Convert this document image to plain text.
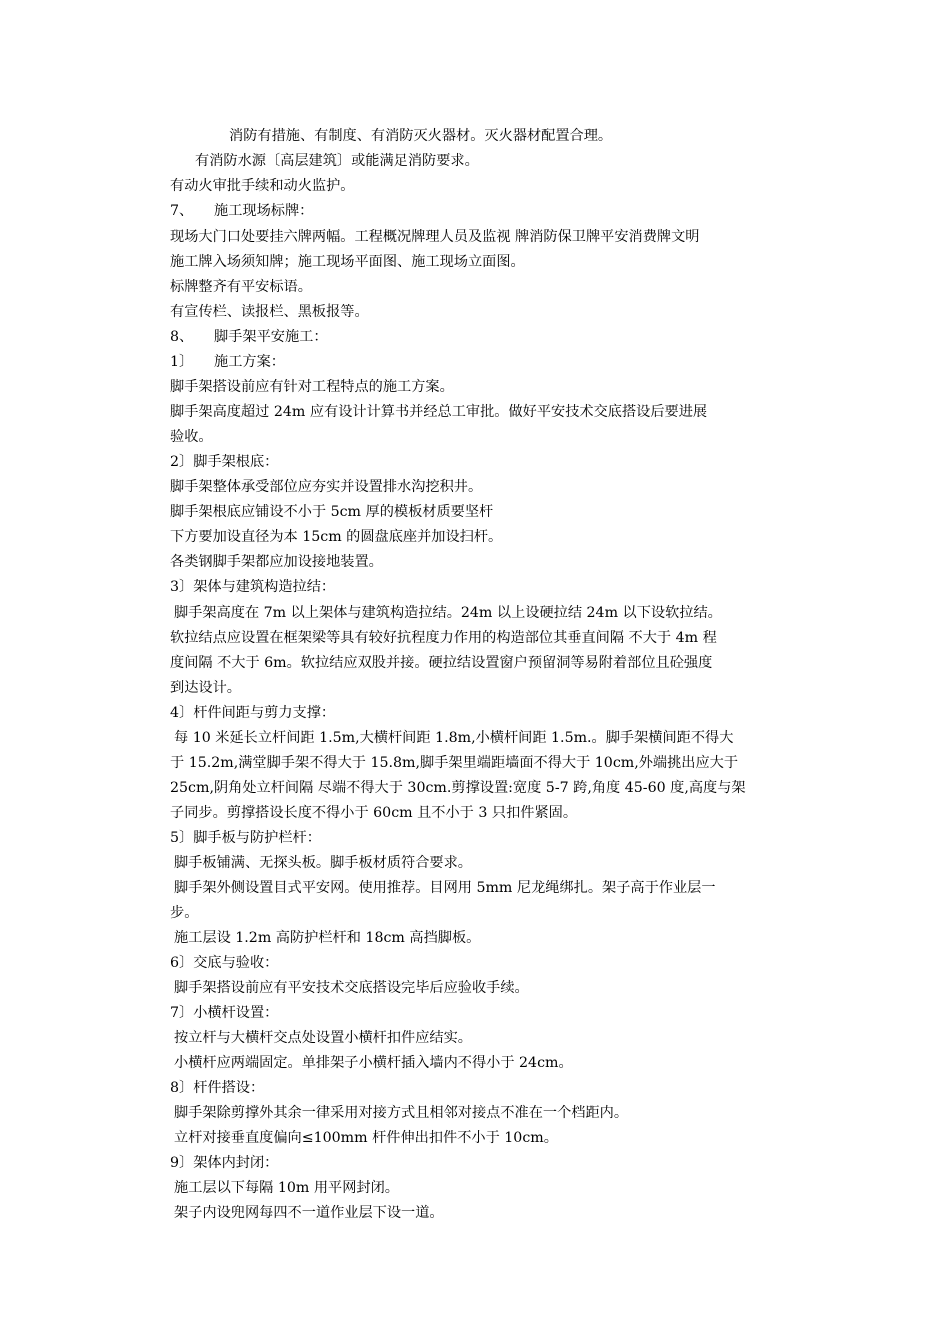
消防有措施、有制度、有消防灭火器材。灭火器材配置合理。
有消防水源〔高层建筑〕或能满足消防要求。
有动火审批手续和动火监护。
7、 施工现场标牌：
现场大门口处要挂六牌两幅。工程概况牌理人员及监视 牌消防保卫牌平安消费牌文明
施工牌入场须知牌；施工现场平面图、施工现场立面图。
标牌整齐有平安标语。
有宣传栏、读报栏、黑板报等。
8、 脚手架平安施工：
1〕 施工方案：
脚手架搭设前应有针对工程特点的施工方案。
脚手架高度超过 24m 应有设计计算书并经总工审批。做好平安技术交底搭设后要进展
验收。
2〕脚手架根底：
脚手架整体承受部位应夯实并设置排水沟挖积井。
脚手架根底应铺设不小于 5cm 厚的模板材质要坚杆
下方要加设直径为本 15cm 的圆盘底座并加设扫杆。
各类钢脚手架都应加设接地装置。
3〕架体与建筑构造拉结：
脚手架高度在 7m 以上架体与建筑构造拉结。24m 以上设硬拉结 24m 以下设软拉结。
软拉结点应设置在框架梁等具有较好抗程度力作用的构造部位其垂直间隔 不大于 4m 程
度间隔 不大于 6m。软拉结应双股并接。硬拉结设置窗户预留洞等易附着部位且砼强度
到达设计。
4〕杆件间距与剪力支撑：
每 10 米延长立杆间距 1.5m,大横杆间距 1.8m,小横杆间距 1.5m.。脚手架横间距不得大
于 15.2m,满堂脚手架不得大于 15.8m,脚手架里端距墙面不得大于 10cm,外端挑出应大于
25cm,阴角处立杆间隔 尽端不得大于 30cm.剪撑设置:宽度 5-7 跨,角度 45-60 度,高度与架
子同步。剪撑搭设长度不得小于 60cm 且不小于 3 只扣件紧固。
5〕脚手板与防护栏杆：
脚手板铺满、无探头板。脚手板材质符合要求。
脚手架外侧设置目式平安网。使用推荐。目网用 5mm 尼龙绳绑扎。架子高于作业层一
步。
施工层设 1.2m 高防护栏杆和 18cm 高挡脚板。
6〕交底与验收：
脚手架搭设前应有平安技术交底搭设完毕后应验收手续。
7〕小横杆设置：
按立杆与大横杆交点处设置小横杆扣件应结实。
小横杆应两端固定。单排架子小横杆插入墙内不得小于 24cm。
8〕杆件搭设：
脚手架除剪撑外其余一律采用对接方式且相邻对接点不准在一个档距内。
立杆对接垂直度偏向≤100mm 杆件伸出扣件不小于 10cm。
9〕架体内封闭：
施工层以下每隔 10m 用平网封闭。
架子内设兜网每四不一道作业层下设一道。
